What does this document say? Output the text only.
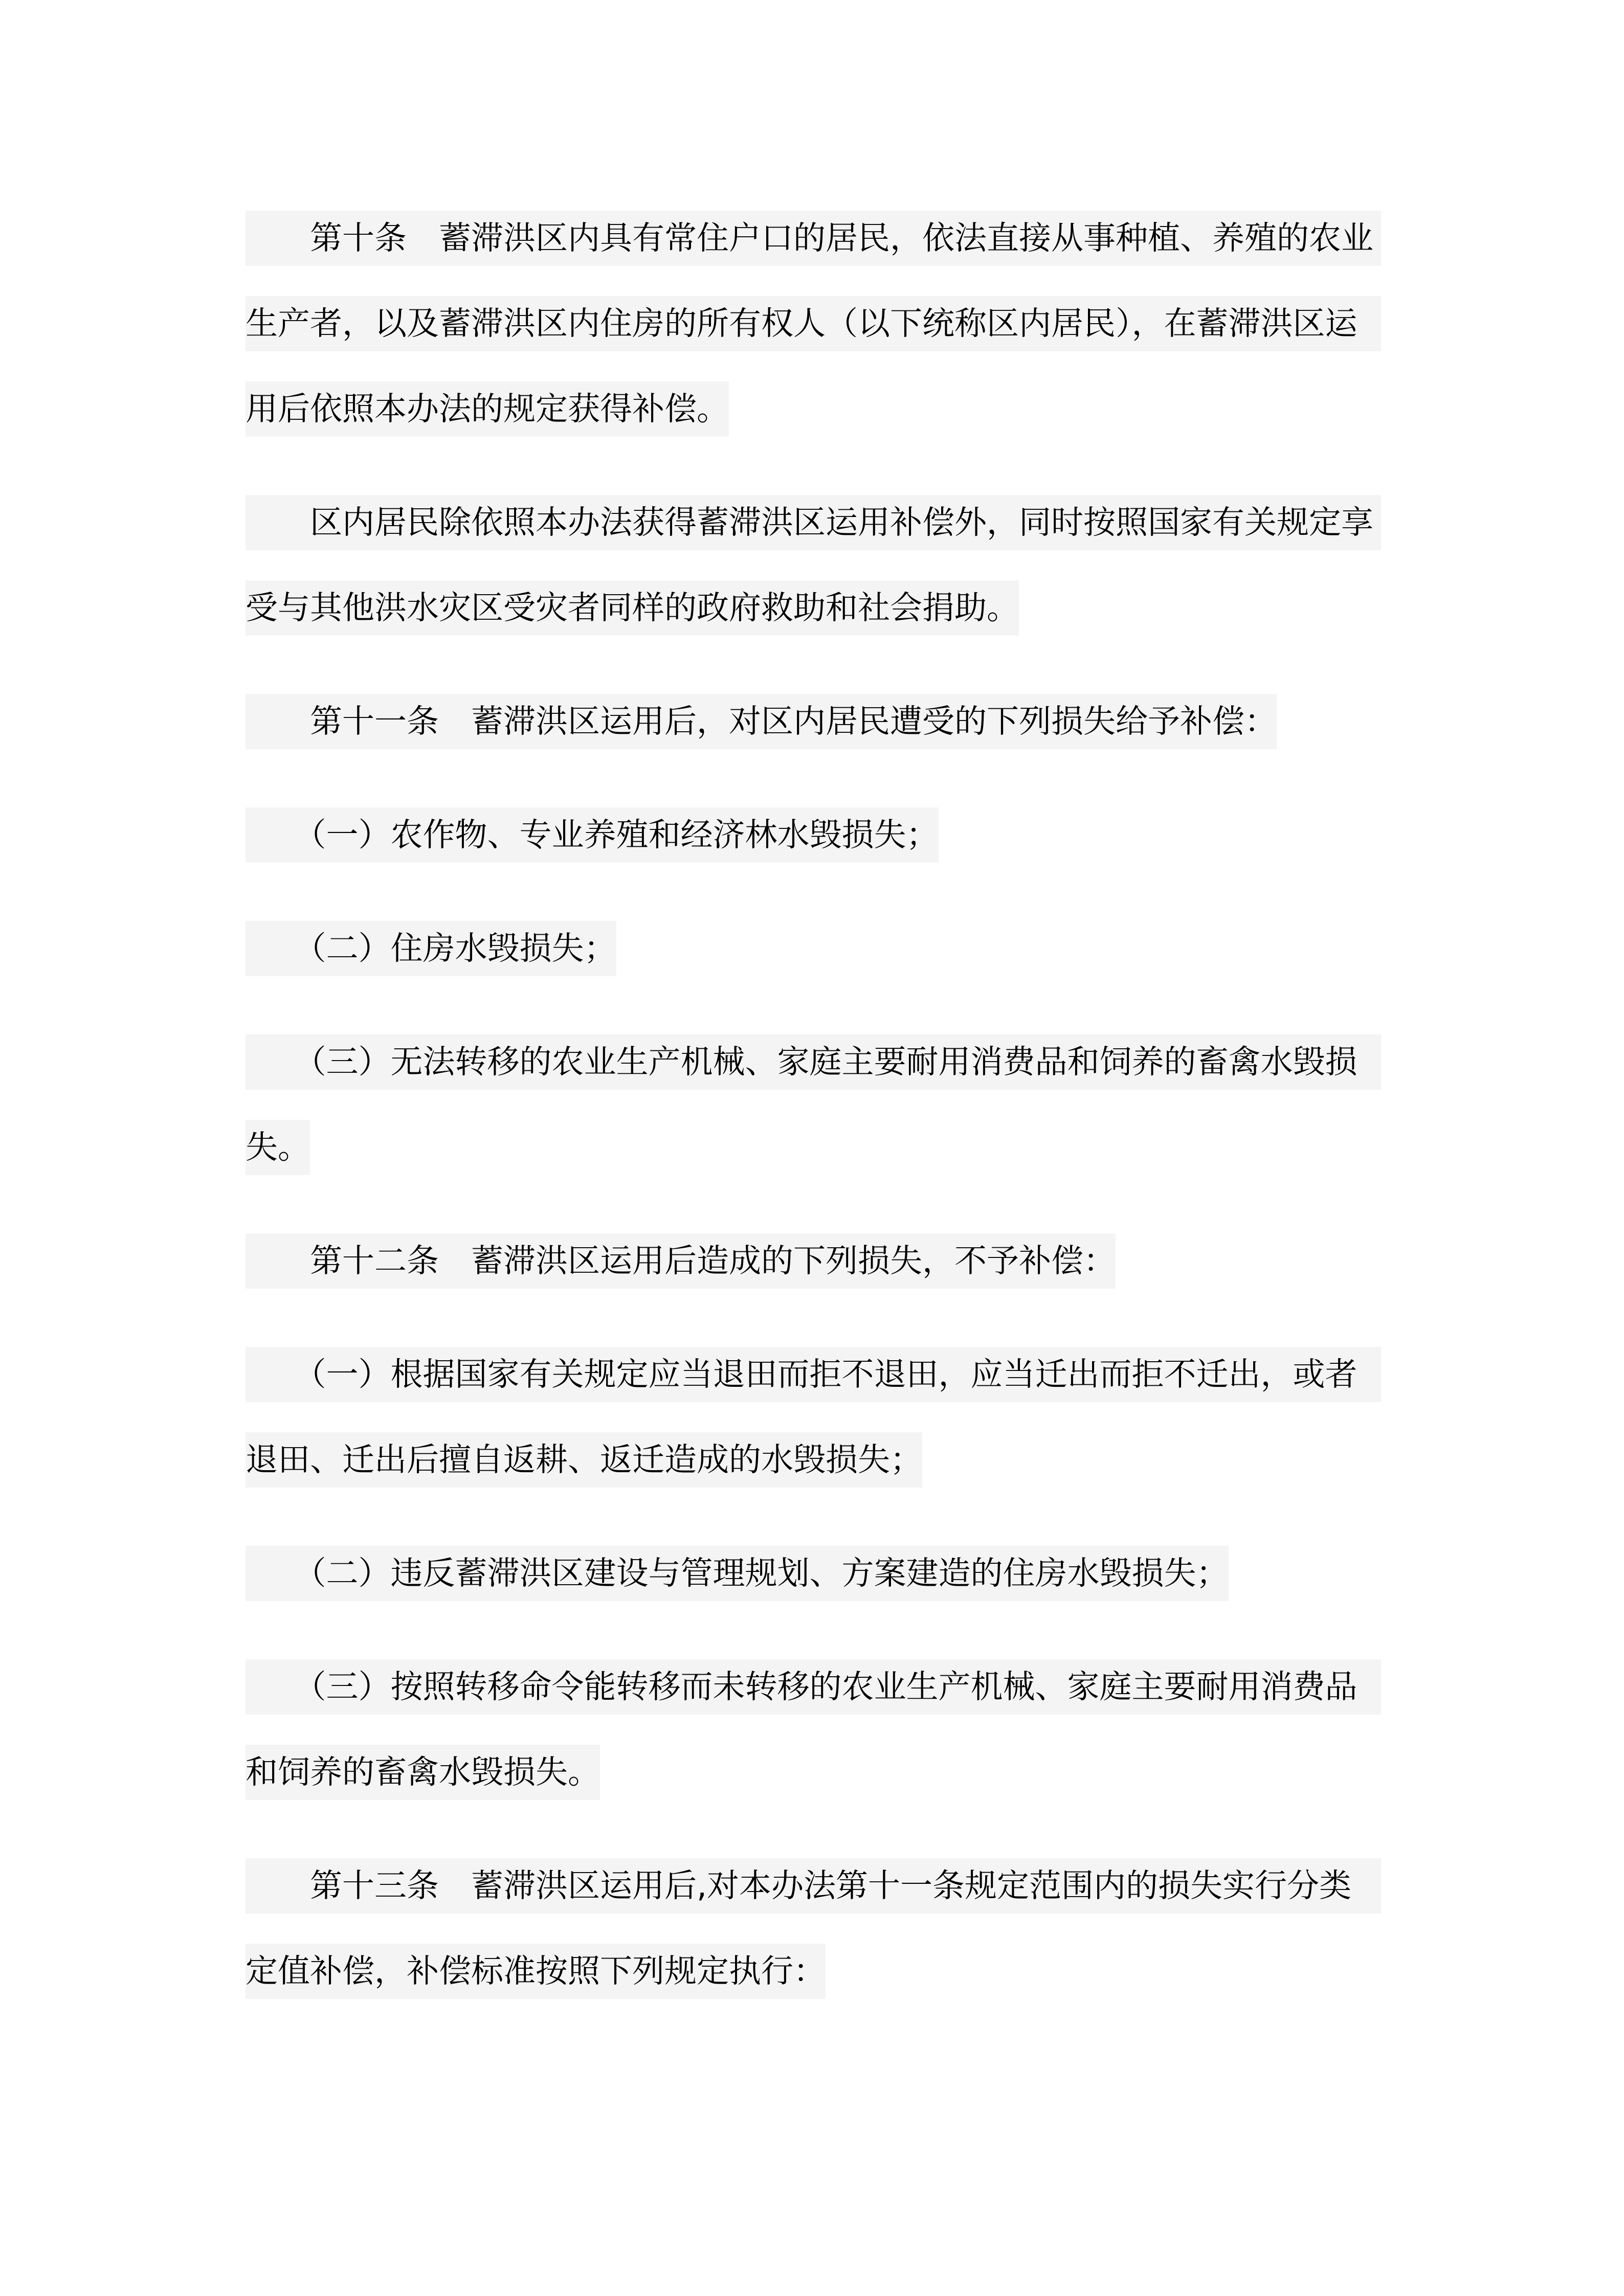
　　第十条　蓄滞洪区内具有常住户口的居民，依法直接从事种植、养殖的农业
生产者，以及蓄滞洪区内住房的所有权人（以下统称区内居民），在蓄滞洪区运
用后依照本办法的规定获得补偿。
　　区内居民除依照本办法获得蓄滞洪区运用补偿外，同时按照国家有关规定享
受与其他洪水灾区受灾者同样的政府救助和社会捐助。
　　第十一条　蓄滞洪区运用后，对区内居民遭受的下列损失给予补偿：
　　（一）农作物、专业养殖和经济林水毁损失；
　　（二）住房水毁损失；
　　（三）无法转移的农业生产机械、家庭主要耐用消费品和饲养的畜禽水毁损
失。
　　第十二条　蓄滞洪区运用后造成的下列损失，不予补偿：
　　（一）根据国家有关规定应当退田而拒不退田，应当迁出而拒不迁出，或者
退田、迁出后擅自返耕、返迁造成的水毁损失；
　　（二）违反蓄滞洪区建设与管理规划、方案建造的住房水毁损失；
　　（三）按照转移命令能转移而未转移的农业生产机械、家庭主要耐用消费品
和饲养的畜禽水毁损失。
　　第十三条　蓄滞洪区运用后,对本办法第十一条规定范围内的损失实行分类
定值补偿，补偿标准按照下列规定执行：
